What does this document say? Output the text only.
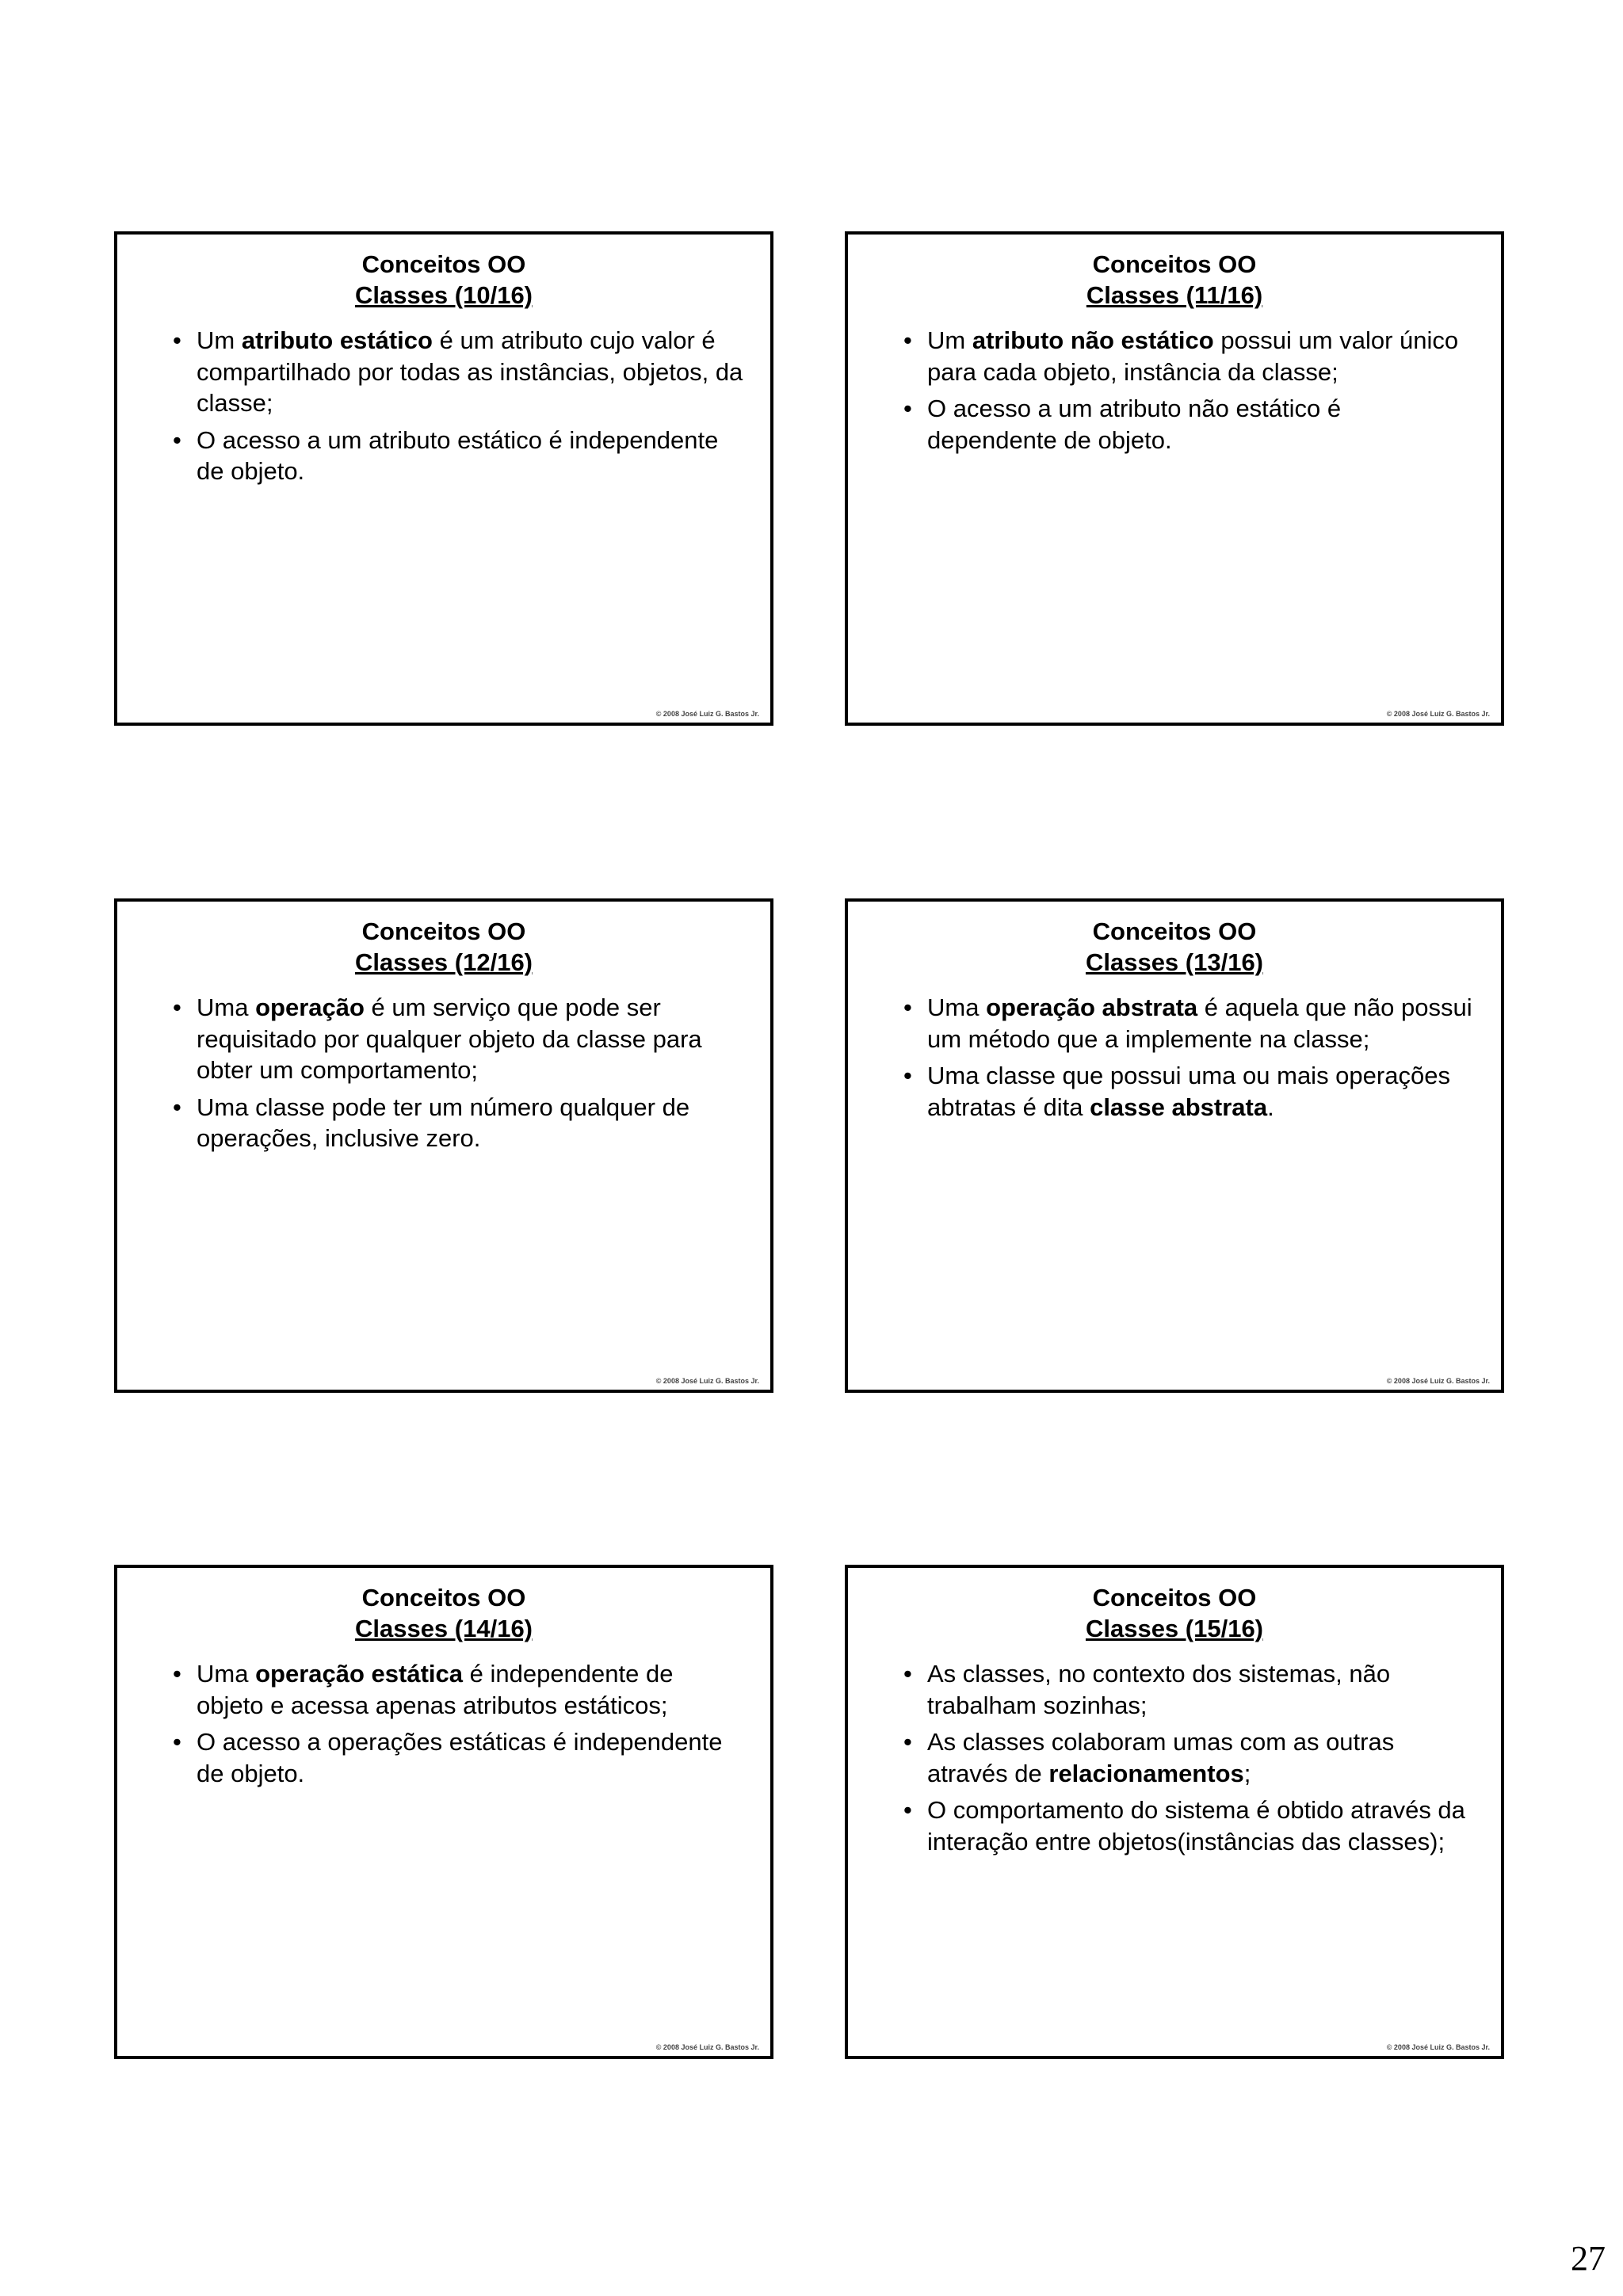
Conceitos OO
Classes (10/16)
• Um atributo estático é um atributo cujo valor é compartilhado por todas as instâncias, objetos, da classe;
• O acesso a um atributo estático é independente de objeto.
© 2008 José Luiz G. Bastos Jr.
Conceitos OO
Classes (11/16)
• Um atributo não estático possui um valor único para cada objeto, instância da classe;
• O acesso a um atributo não estático é dependente de objeto.
© 2008 José Luiz G. Bastos Jr.
Conceitos OO
Classes (12/16)
• Uma operação é um serviço que pode ser requisitado por qualquer objeto da classe para obter um comportamento;
• Uma classe pode ter um número qualquer de operações, inclusive zero.
© 2008 José Luiz G. Bastos Jr.
Conceitos OO
Classes (13/16)
• Uma operação abstrata é aquela que não possui um método que a implemente na classe;
• Uma classe que possui uma ou mais operações abtratas é dita classe abstrata.
© 2008 José Luiz G. Bastos Jr.
Conceitos OO
Classes (14/16)
• Uma operação estática é independente de objeto e acessa apenas atributos estáticos;
• O acesso a operações estáticas é independente de objeto.
© 2008 José Luiz G. Bastos Jr.
Conceitos OO
Classes (15/16)
• As classes, no contexto dos sistemas, não trabalham sozinhas;
• As classes colaboram umas com as outras através de relacionamentos;
• O comportamento do sistema é obtido através da interação entre objetos(instâncias das classes);
© 2008 José Luiz G. Bastos Jr.
27
